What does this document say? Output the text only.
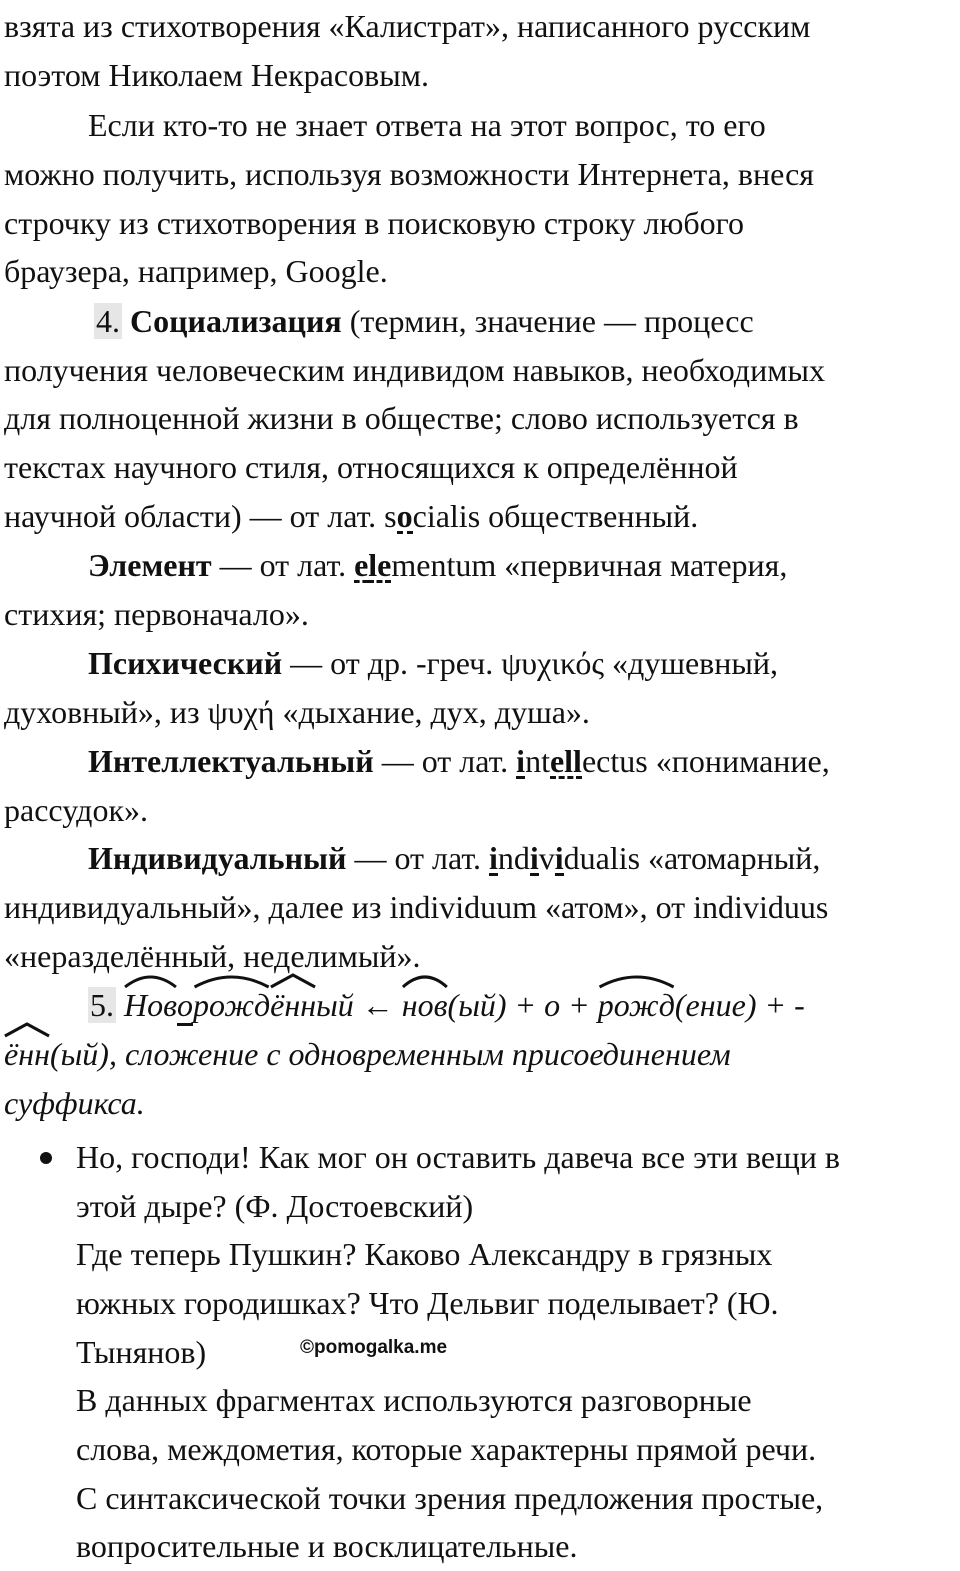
взята из стихотворения «Калистрат», написанного русским
поэтом Николаем Некрасовым.
Если кто-то не знает ответа на этот вопрос, то его
можно получить, используя возможности Интернета, внеся
строчку из стихотворения в поисковую строку любого
браузера, например, Google.
4. Социализация (термин, значение — процесс
получения человеческим индивидом навыков, необходимых
для полноценной жизни в обществе; слово используется в
текстах научного стиля, относящихся к определённой
научной области) — от лат. socialis общественный.
Элемент — от лат. elementum «первичная материя,
стихия; первоначало».
Психический — от др. -греч. ψυχικός «душевный,
духовный», из ψυχή «дыхание, дух, душа».
Интеллектуальный — от лат. intellectus «понимание,
рассудок».
Индивидуальный — от лат. individualis «атомарный,
индивидуальный», далее из individuum «атом», от individuus
«неразделённый, неделимый».
5. Ново
рожд
ённый ←
нов(ый) + о +
рожд(ение) + -
ённ(ый), сложение с одновременным присоединением
суффикса.
Но, господи! Как мог он оставить давеча все эти вещи в
этой дыре? (Ф. Достоевский)
Где теперь Пушкин? Каково Александру в грязных
южных городишках? Что Дельвиг поделывает? (Ю.
Тынянов)
В данных фрагментах используются разговорные
слова, междометия, которые характерны прямой речи.
С синтаксической точки зрения предложения простые,
вопросительные и восклицательные.
©pomogalka.me
